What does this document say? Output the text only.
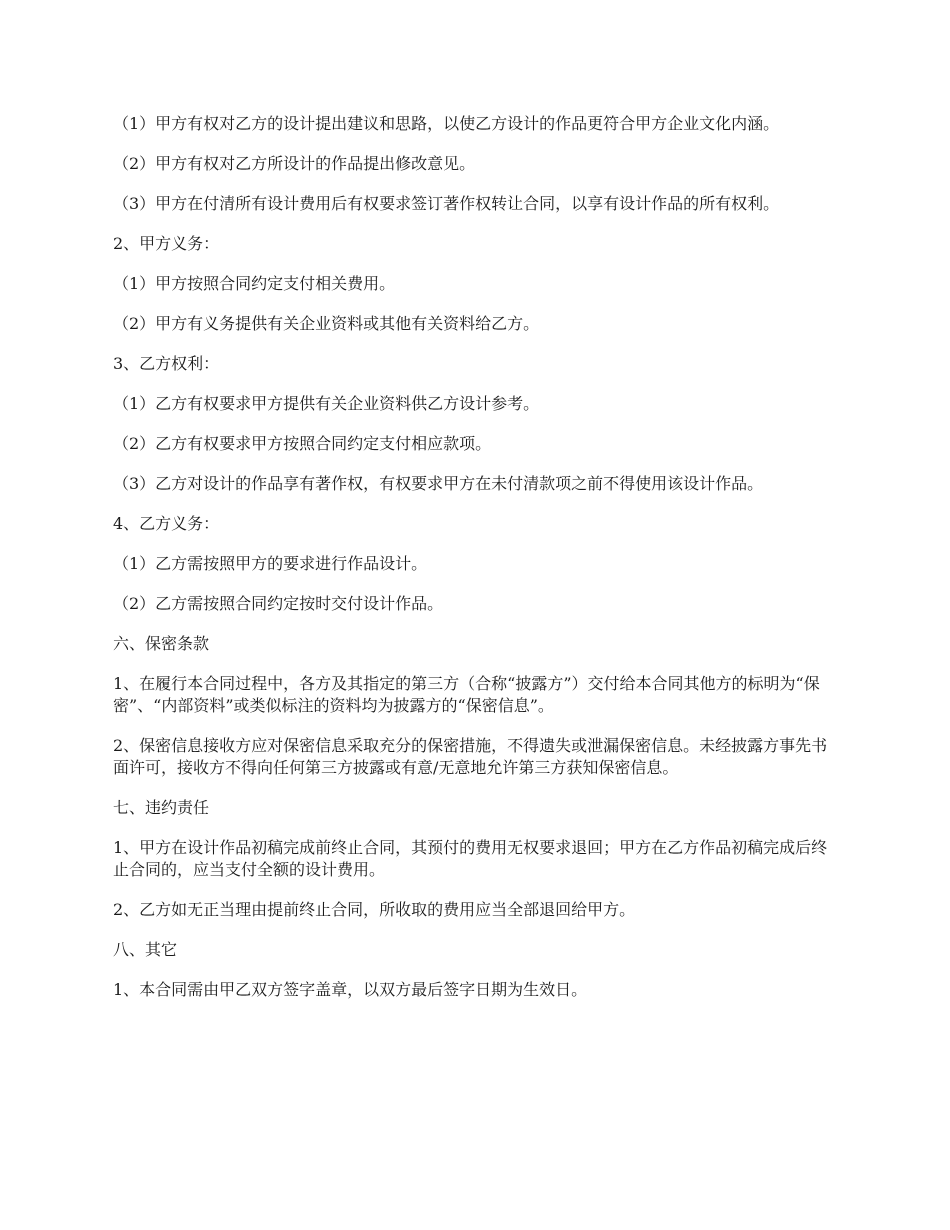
（1）甲方有权对乙方的设计提出建议和思路，以使乙方设计的作品更符合甲方企业文化内涵。

（2）甲方有权对乙方所设计的作品提出修改意见。

（3）甲方在付清所有设计费用后有权要求签订著作权转让合同，以享有设计作品的所有权利。

2、甲方义务：

（1）甲方按照合同约定支付相关费用。

（2）甲方有义务提供有关企业资料或其他有关资料给乙方。

3、乙方权利：

（1）乙方有权要求甲方提供有关企业资料供乙方设计参考。

（2）乙方有权要求甲方按照合同约定支付相应款项。

（3）乙方对设计的作品享有著作权，有权要求甲方在未付清款项之前不得使用该设计作品。

4、乙方义务：

（1）乙方需按照甲方的要求进行作品设计。

（2）乙方需按照合同约定按时交付设计作品。

六、保密条款

1、在履行本合同过程中，各方及其指定的第三方（合称“披露方”）交付给本合同其他方的标明为“保密”、“内部资料”或类似标注的资料均为披露方的“保密信息”。

2、保密信息接收方应对保密信息采取充分的保密措施，不得遗失或泄漏保密信息。未经披露方事先书面许可，接收方不得向任何第三方披露或有意/无意地允许第三方获知保密信息。

七、违约责任

1、甲方在设计作品初稿完成前终止合同，其预付的费用无权要求退回；甲方在乙方作品初稿完成后终止合同的，应当支付全额的设计费用。

2、乙方如无正当理由提前终止合同，所收取的费用应当全部退回给甲方。

八、其它

1、本合同需由甲乙双方签字盖章，以双方最后签字日期为生效日。
